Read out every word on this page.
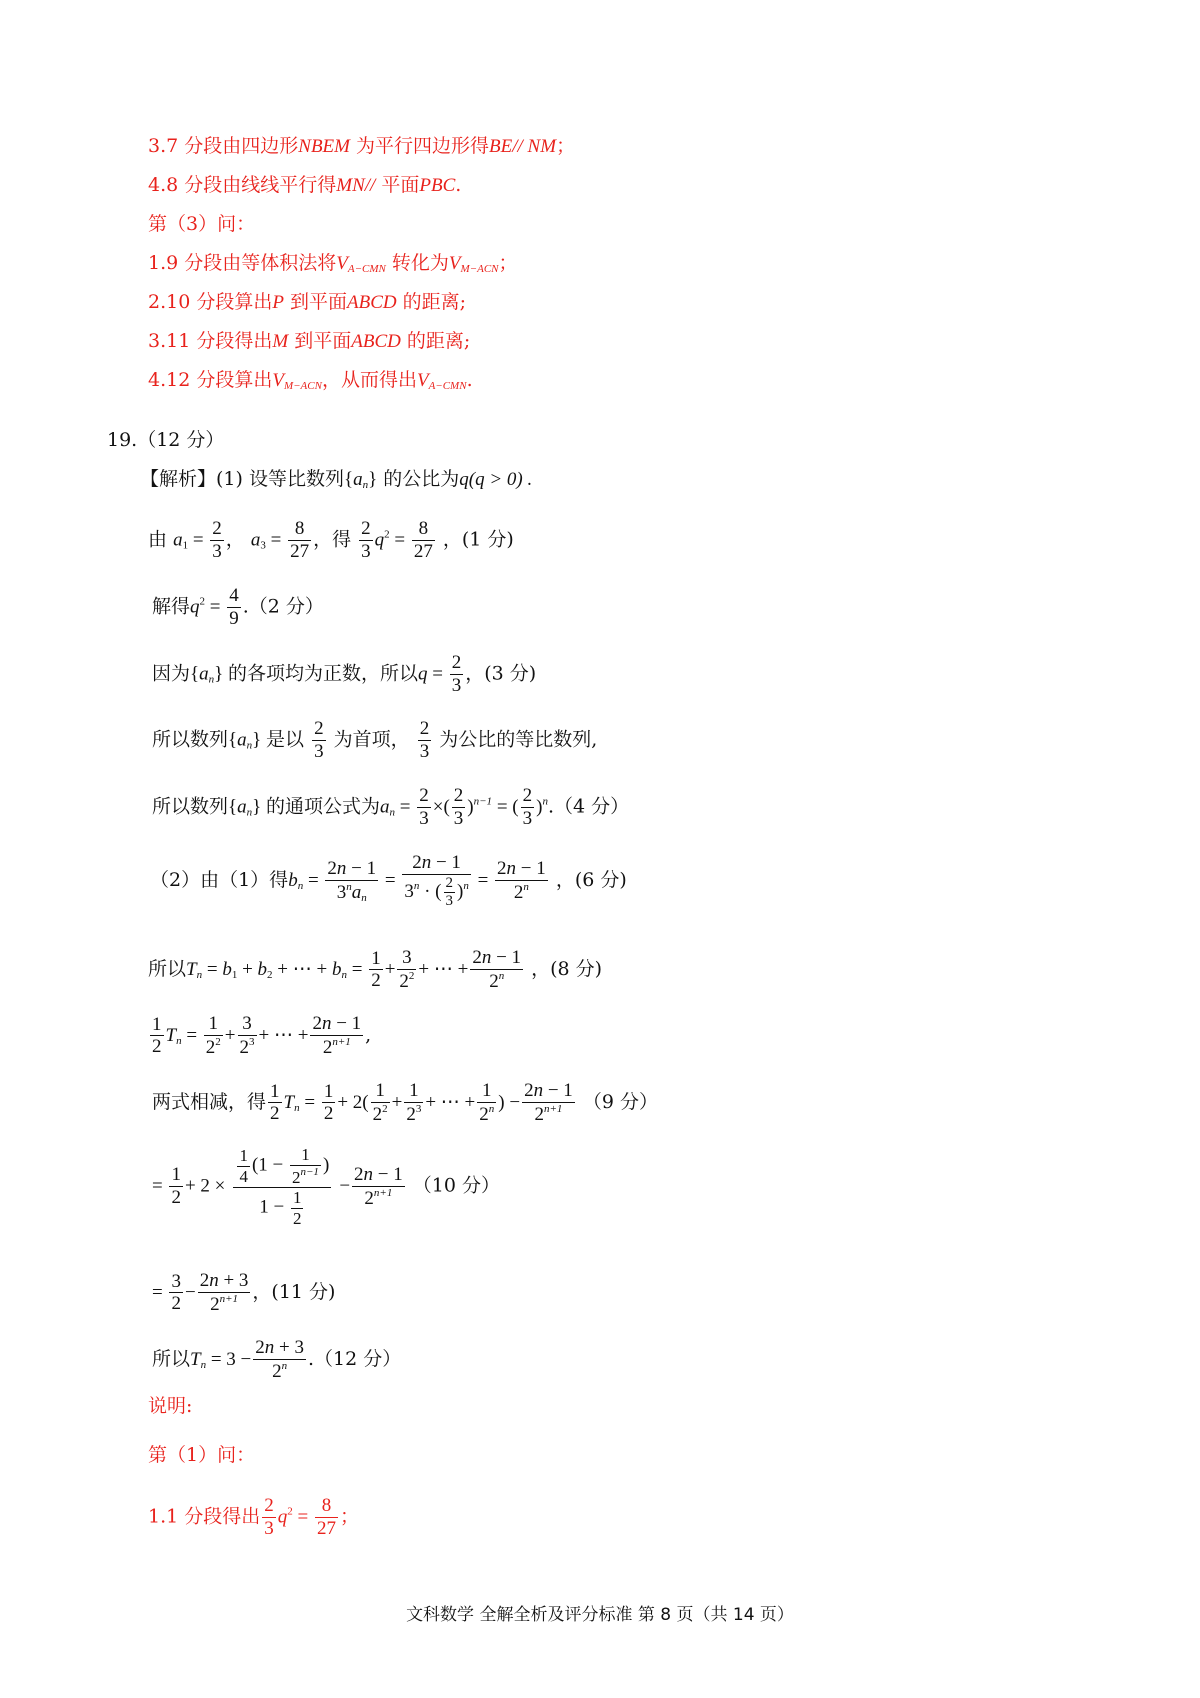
3.7 分段由四边形NBEM 为平行四边形得BE// NM；
4.8 分段由线线平行得MN// 平面PBC.
第（3）问：
1.9 分段由等体积法将$V_{A-CMN}$ 转化为$V_{M-ACN}$；
2.10 分段算出P 到平面ABCD 的距离;
3.11 分段得出M 到平面ABCD 的距离;
4.12 分段算出$V_{M-ACN}$，从而得出$V_{A-CMN}$.
19.（12 分）
【解析】(1) 设等比数列$\{a_n\}$ 的公比为q(q > 0) .
由 $a_1 = \frac{2}{3}$ ， $a_3 = \frac{8}{27}$ ，得 $\frac{2}{3} q^2 = \frac{8}{27}$ ，(1 分)
解得$q^2 = \frac{4}{9} .(2$ 分）
因为$\{a_n\}$ 的各项均为正数，所以$q = \frac{2}{3}$ ，(3 分)
所以数列$\{a_n\}$ 是以 $\frac{2}{3}$ 为首项， $\frac{2}{3}$ 为公比的等比数列,
所以数列$\{a_n\}$ 的通项公式为$a_n = \frac{2}{3}$ ×( $\frac{2}{3} )^{n-1}$ = ( $\frac{2}{3} )^n.(4$ 分）
（2）由（1）得$b_n = \frac{2n - 1}{3^na_n} = \frac{2n - 1}{3^n \cdot ( \frac{2}{3} )^n} = \frac{2n - 1}{2^n}$ ，(6 分)
所以$T_n = b_1 + b_2$ + ⋯ + $b_n = \frac{1}{2} + \frac{3}{2^2}$ + ⋯ + $\frac{2n - 1}{2^n}$ ，(8 分)
$\frac{1}{2} T_n = \frac{1}{2^2} + \frac{3}{2^3}$ + ⋯ + $\frac{2n - 1}{2^{n+1}}$ ,
两式相减，得 $\frac{1}{2} T_n = \frac{1}{2} + 2( \frac{1}{2^2} + \frac{1}{2^3}$ + ⋯ + $\frac{1}{2^n}$ ) − $\frac{2n - 1}{2^{n+1}} (9$ 分）
= $\frac{1}{2} + 2 \times \frac{\frac{1}{4} (1 - \frac{1}{2^{n-1}} )}{1 - \frac{1}{2}} - \frac{2n - 1}{2^{n+1}} (10$ 分）
= $\frac{3}{2} - \frac{2n + 3}{2^{n+1}}$ ，(11 分)
所以$T_n = 3 - \frac{2n + 3}{2^n} .(12$ 分）
说明:
第（1）问：
1.1 分段得出 $\frac{2}{3} q^2 = \frac{8}{27}$ ；
文科数学 全解全析及评分标准 第 8 页（共 14 页）
